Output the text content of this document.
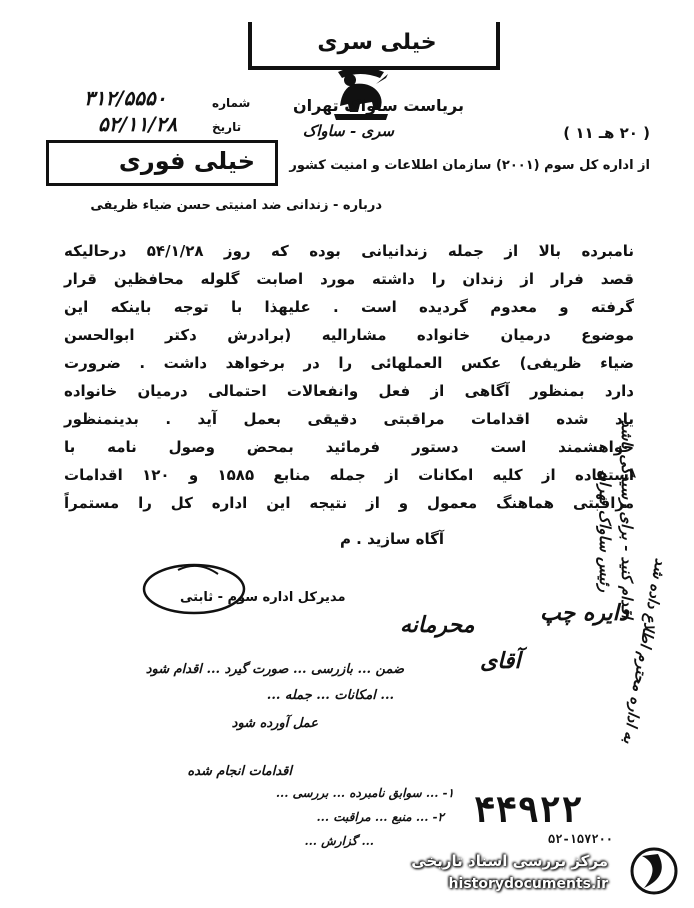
خیلی سری
بریاست ساواک تهران
( ۲۰ هـ ۱۱ )
سری - ساواک
از اداره کل سوم (۲۰۰۱) سازمان اطلاعات و امنیت کشور
شماره
۳۱۲/۵۵۵۰
تاریخ
۵۲/۱۱/۲۸
خیلی فوری
درباره - زندانی ضد امنیتی حسن ضیاء ظریفی
نامبرده بالا از جمله زندانیانی بوده که روز ۵۴/۱/۲۸ درحالیکه
قصد فرار از زندان را داشته مورد اصابت گلوله محافظین قرار
گرفته و معدوم گردیده است . علیهذا با توجه باینکه این
موضوع درمیان خانواده مشارالیه (برادرش دکتر ابوالحسن
ضیاء ظریفی) عکس العملهائی را در برخواهد داشت . ضرورت
دارد بمنظور آگاهی از فعل وانفعالات احتمالی درمیان خانواده
یاد شده اقدامات مراقبتی دقیقی بعمل آید . بدینمنظور
خواهشمند است دستور فرمائید بمحض وصول نامه با
استفاده از کلیه امکانات از جمله منابع ۱۵۸۵ و ۱۲۰ اقدامات
مراقبتی هماهنگ معمول و از نتیجه این اداره کل را مستمراً
آگاه سازید . م
مدیرکل اداره سوم - ثابتی
محرمانه	دایره چپ
آقای
اقدام کنید - برای رسیدگی باشد
رئیس ساواک تهران
به اداره محترم اطلاع داده شد
ضمن ... بازرسی ... صورت گیرد ... اقدام شود
... امکانات ... جمله ...
عمل آورده شود
اقدامات انجام شده
۱- ... سوابق نامبرده ... بررسی ...
۲- ... منبع ... مراقبت ...
... گزارش ...
۴۴۹۲۲
۵۲-۱۵۷۲۰۰
مرکز بررسی اسناد تاریخی
historydocuments.ir
